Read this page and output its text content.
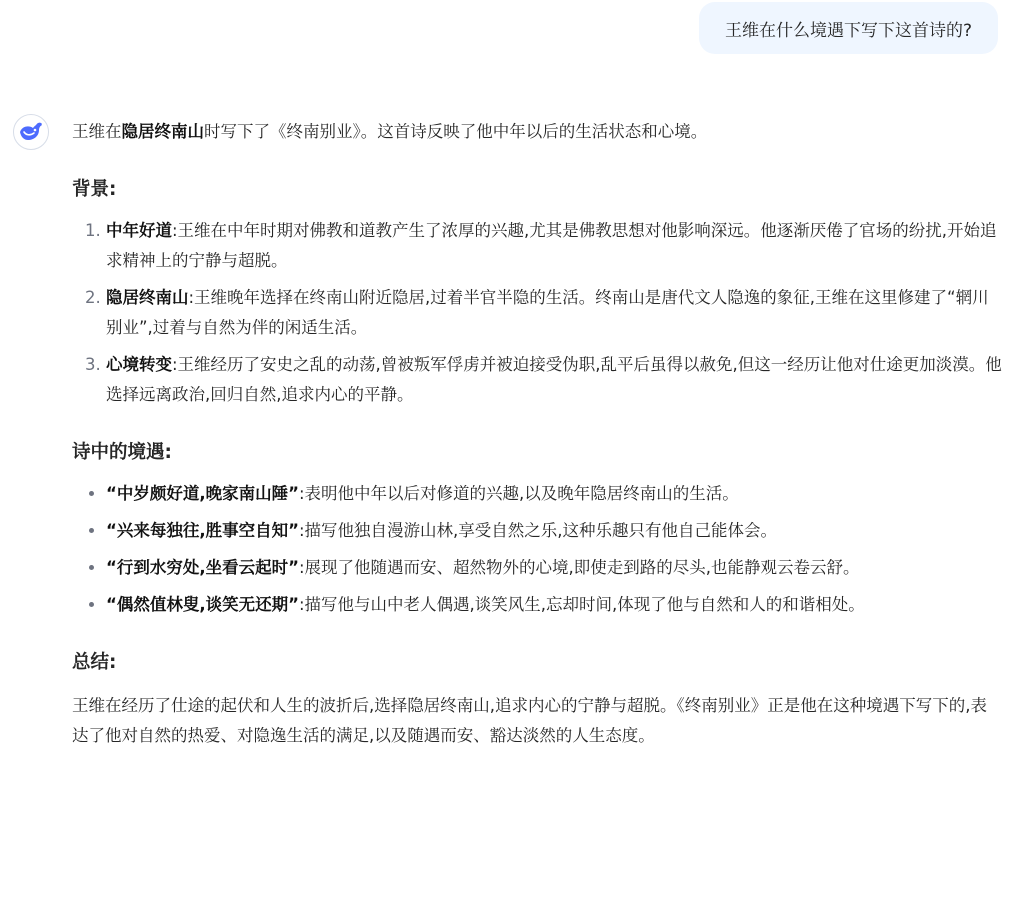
王维在什么境遇下写下这首诗的?

王维在隐居终南山时写下了《终南别业》。这首诗反映了他中年以后的生活状态和心境。

背景:
1. 中年好道:王维在中年时期对佛教和道教产生了浓厚的兴趣,尤其是佛教思想对他影响深远。他逐渐厌倦了官场的纷扰,开始追求精神上的宁静与超脱。
2. 隐居终南山:王维晚年选择在终南山附近隐居,过着半官半隐的生活。终南山是唐代文人隐逸的象征,王维在这里修建了“辋川别业”,过着与自然为伴的闲适生活。
3. 心境转变:王维经历了安史之乱的动荡,曾被叛军俘虏并被迫接受伪职,乱平后虽得以赦免,但这一经历让他对仕途更加淡漠。他选择远离政治,回归自然,追求内心的平静。
诗中的境遇:
• “中岁颇好道,晚家南山陲”:表明他中年以后对修道的兴趣,以及晚年隐居终南山的生活。
• “兴来每独往,胜事空自知”:描写他独自漫游山林,享受自然之乐,这种乐趣只有他自己能体会。
• “行到水穷处,坐看云起时”:展现了他随遇而安、超然物外的心境,即使走到路的尽头,也能静观云卷云舒。
• “偶然值林叟,谈笑无还期”:描写他与山中老人偶遇,谈笑风生,忘却时间,体现了他与自然和人的和谐相处。
总结:

王维在经历了仕途的起伏和人生的波折后,选择隐居终南山,追求内心的宁静与超脱。《终南别业》正是他在这种境遇下写下的,表达了他对自然的热爱、对隐逸生活的满足,以及随遇而安、豁达淡然的人生态度。
